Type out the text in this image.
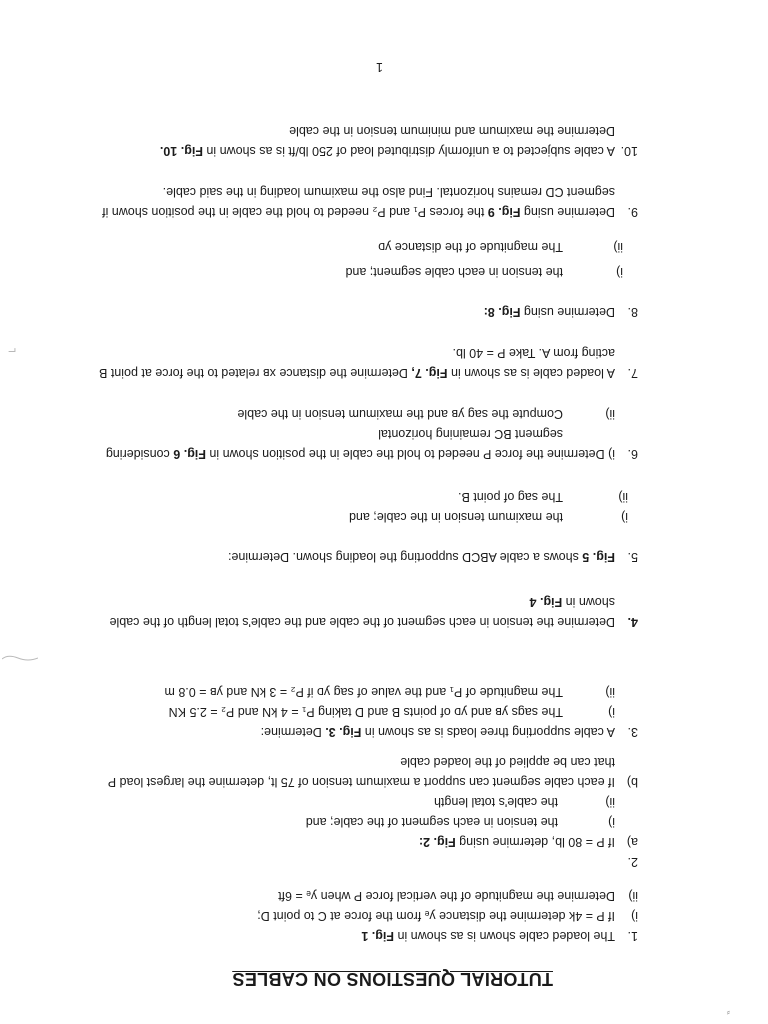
TUTORIAL QUESTIONS ON CABLES
1.
The loaded cable shown is as shown in Fig. 1
i)
If P = 4k determine the distance yₑ from the force at C to point D;
ii)
Determine the magnitude of the vertical force P when yₑ = 6ft
2.
a)
If P = 80 lb, determine using Fig. 2:
i)
the tension in each segment of the cable; and
ii)
the cable's total length
b)
If each cable segment can support a maximum tension of 75 lt, determine the largest load P
that can be applied of the loaded cable
3.
A cable supporting three loads is as shown in Fig. 3. Determine:
i)
The sags yʙ and yᴅ of points B and D taking P₁ = 4 kN and P₂ = 2.5 KN
ii)
The magnitude of P₁ and the value of sag yᴅ if P₂ = 3 kN and yʙ = 0.8 m
4.
Determine the tension in each segment of the cable and the cable's total length of the cable
shown in Fig. 4
5.
Fig. 5 shows a cable ABCD supporting the loading shown. Determine:
i)
the maximum tension in the cable; and
ii)
The sag of point B.
6.
i) Determine the force P needed to hold the cable in the position shown in Fig. 6 considering
segment BC remaining horizontal
ii)
Compute the sag yʙ and the maximum tension in the cable
7.
A loaded cable is as shown in Fig. 7, Determine the distance xʙ related to the force at point B
acting from A. Take P = 40 lb.
8.
Determine using Fig. 8:
i)
the tension in each cable segment; and
ii)
The magnitude of the distance yᴅ
9.
Determine using Fig. 9 the forces P₁ and P₂ needed to hold the cable in the position shown if
segment CD remains horizontal. Find also the maximum loading in the said cable.
10.
A cable subjected to a uniformly distributed load of 250 lb/ft is as shown in Fig. 10.
Determine the maximum and minimum tension in the cable
1
⸗
⌐
